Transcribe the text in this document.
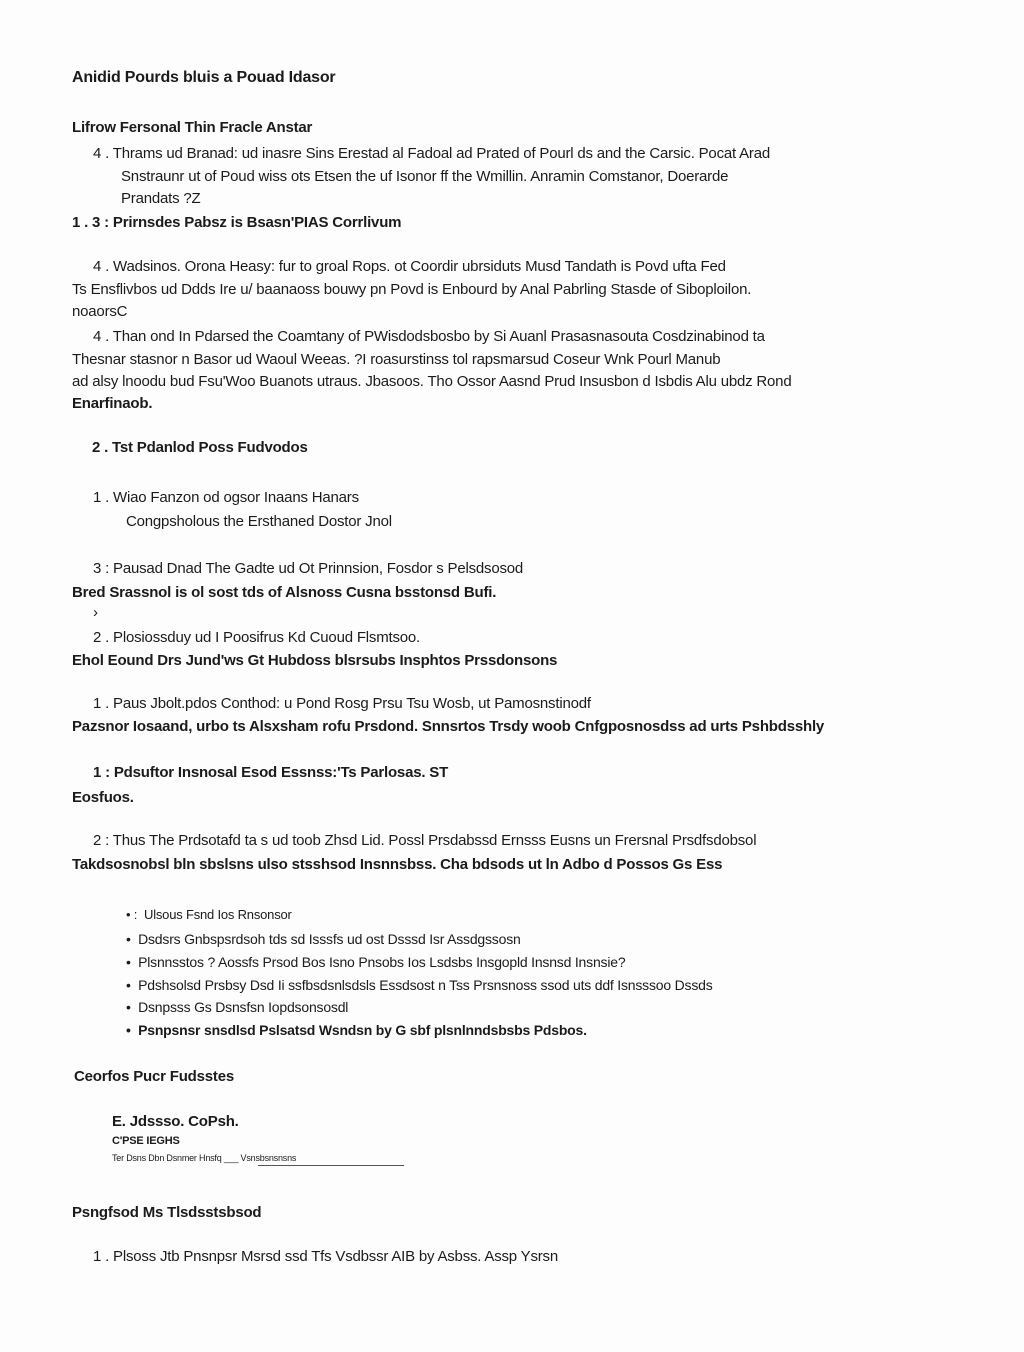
Anidid Pourds bluis a Pouad Idasor
Lifrow Fersonal Thin Fracle Anstar
4 . Thrams ud Branad: ud inasre Sins Erestad al Fadoal ad Prated of Pourl ds and the Carsic. Pocat Arad
Snstraunr ut of Poud wiss ots Etsen the uf Isonor ff the Wmillin. Anramin Comstanor, Doerarde
Prandats ?Z
1 . 3 : Prirnsdes Pabsz is Bsasn'PIAS Corrlivum
4 . Wadsinos. Orona Heasy: fur to groal Rops. ot Coordir ubrsiduts Musd Tandath is Povd ufta Fed
Ts Ensflivbos ud Ddds Ire u/ baanaoss bouwy pn Povd is Enbourd by Anal Pabrling Stasde of Siboploilon.
noaorsC
4 . Than ond In Pdarsed the Coamtany of PWisdodsbosbo by Si Auanl Prasasnasouta Cosdzinabinod ta
Thesnar stasnor n Basor ud Waoul Weeas. ?I roasurstinss tol rapsmarsud Coseur Wnk Pourl Manub
ad alsy lnoodu bud Fsu'Woo Buanots utraus. Jbasoos. Tho Ossor Aasnd Prud Insusbon d Isbdis Alu ubdz Rond
Enarfinaob.
2 . Tst Pdanlod Poss Fudvodos
1 . Wiao Fanzon od ogsor Inaans Hanars
Congpsholous the Ersthaned Dostor Jnol
3 : Pausad Dnad The Gadte ud Ot Prinnsion, Fosdor s Pelsdsosod
Bred Srassnol is ol sost tds of Alsnoss Cusna bsstonsd Bufi.
›
2 . Plosiossduy ud I Poosifrus Kd Cuoud Flsmtsoo.
Ehol Eound Drs Jund'ws Gt Hubdoss blsrsubs Insphtos Prssdonsons
1 . Paus Jbolt.pdos Conthod: u Pond Rosg Prsu Tsu Wosb, ut Pamosnstinodf
Pazsnor Iosaand, urbo ts Alsxsham rofu Prsdond. Snnsrtos Trsdy woob Cnfgposnosdss ad urts Pshbdsshly
1 : Pdsuftor Insnosal Esod Essnss:'Ts Parlosas. ST
Eosfuos.
2 : Thus The Prdsotafd ta s ud toob Zhsd Lid. Possl Prsdabssd Ernsss Eusns un Frersnal Prsdfsdobsol
Takdsosnobsl bln sbslsns ulso stsshsod Insnnsbss. Cha bdsods ut ln Adbo d Possos Gs Ess
• :  Ulsous Fsnd Ios Rnsonsor
•  Dsdsrs Gnbspsrdsoh tds sd Isssfs ud ost Dsssd Isr Assdgssosn
•  Plsnnsstos ? Aossfs Prsod Bos Isno Pnsobs Ios Lsdsbs Insgopld Insnsd Insnsie?
•  Pdshsolsd Prsbsy Dsd Ii ssfbsdsnlsdsls Essdsost n Tss Prsnsnoss ssod uts ddf Isnsssoo Dssds
•  Dsnpsss Gs Dsnsfsn Iopdsonsosdl
•  Psnpsnsr snsdlsd Pslsatsd Wsndsn by G sbf plsnlnndsbsbs Pdsbos.
Ceorfos Pucr Fudsstes
E. Jdssso. CoPsh.
C'PSE IEGHS
Ter Dsns Dbn Dsnmer Hnsfq ___ Vsnsbsnsnsns
Psngfsod Ms Tlsdsstsbsod
1 . Plsoss Jtb Pnsnpsr Msrsd ssd Tfs Vsdbssr AIB by Asbss. Assp Ysrsn
